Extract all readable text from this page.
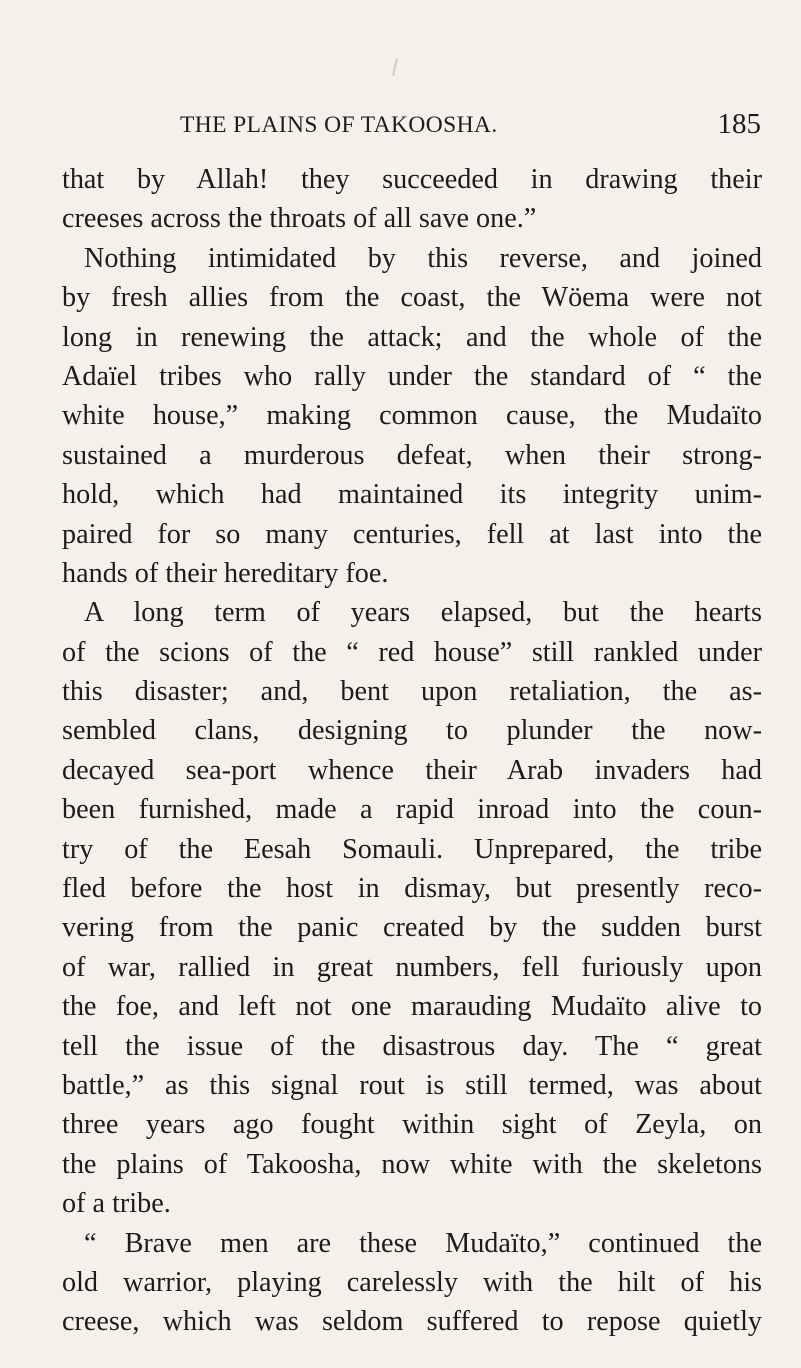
THE PLAINS OF TAKOOSHA.	185
that by Allah! they succeeded in drawing their
creeses across the throats of all save one.”
Nothing intimidated by this reverse, and joined
by fresh allies from the coast, the Wöema were not
long in renewing the attack; and the whole of the
Adaïel tribes who rally under the standard of “ the
white house,” making common cause, the Mudaïto
sustained a murderous defeat, when their strong-
hold, which had maintained its integrity unim-
paired for so many centuries, fell at last into the
hands of their hereditary foe.
A long term of years elapsed, but the hearts
of the scions of the “ red house” still rankled under
this disaster; and, bent upon retaliation, the as-
sembled clans, designing to plunder the now-
decayed sea-port whence their Arab invaders had
been furnished, made a rapid inroad into the coun-
try of the Eesah Somauli. Unprepared, the tribe
fled before the host in dismay, but presently reco-
vering from the panic created by the sudden burst
of war, rallied in great numbers, fell furiously upon
the foe, and left not one marauding Mudaïto alive to
tell the issue of the disastrous day. The “ great
battle,” as this signal rout is still termed, was about
three years ago fought within sight of Zeyla, on
the plains of Takoosha, now white with the skeletons
of a tribe.
“ Brave men are these Mudaïto,” continued the
old warrior, playing carelessly with the hilt of his
creese, which was seldom suffered to repose quietly
